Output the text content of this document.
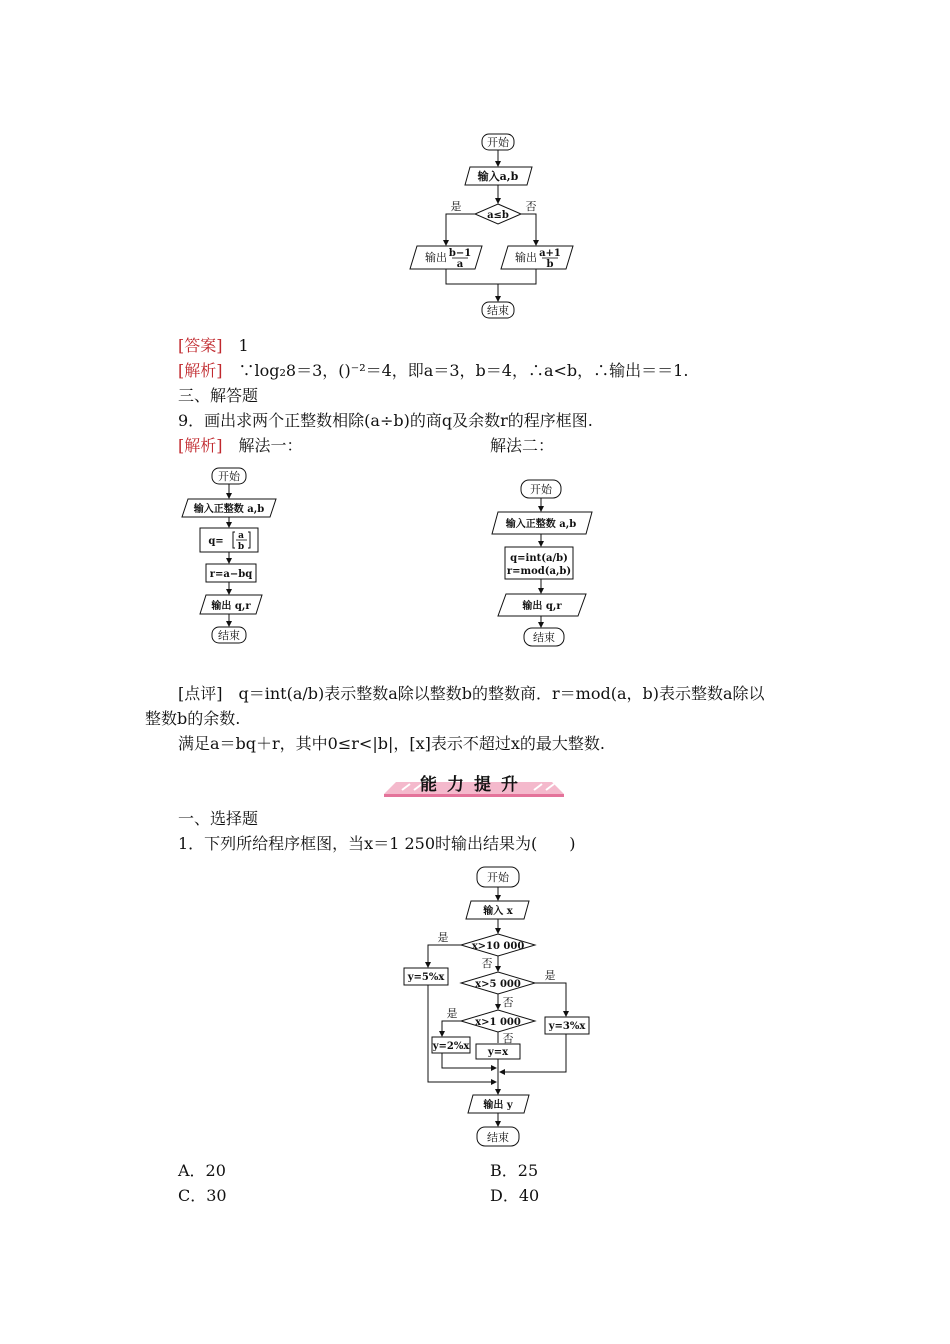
开始
输入a,b
a≤b
是	否
输出 b−1
a
输出 a+1
b
结束
[答案]　 1
[解析]　 ∵log₂8＝3，()⁻²＝4，即a＝3，b＝4，∴a<b，∴输出＝＝1.
三、解答题
9．画出求两个正整数相除(a÷b)的商q及余数r的程序框图.
[解析]　 解法一：	解法二：
开始
输入正整数 a,b
q= a
b
r=a−bq
输出 q,r
结束
开始
输入正整数 a,b
q=int(a/b)
r=mod(a,b)
输出 q,r
结束
[点评]　q＝int(a/b)表示整数a除以整数b的整数商．r＝mod(a，b)表示整数a除以
整数b的余数.
满足a＝bq＋r，其中0≤r<|b|，[x]表示不超过x的最大整数.
能力提升
一、选择题
1．下列所给程序框图，当x＝1 250时输出结果为(　　)
开始
输入 x
x>10 000
是
否
y=5%x
x>5 000
是
否
y=3%x
x>1 000
是
否
y=2%x
y=x
输出 y
结束
A．20	B．25
C．30	D．40
